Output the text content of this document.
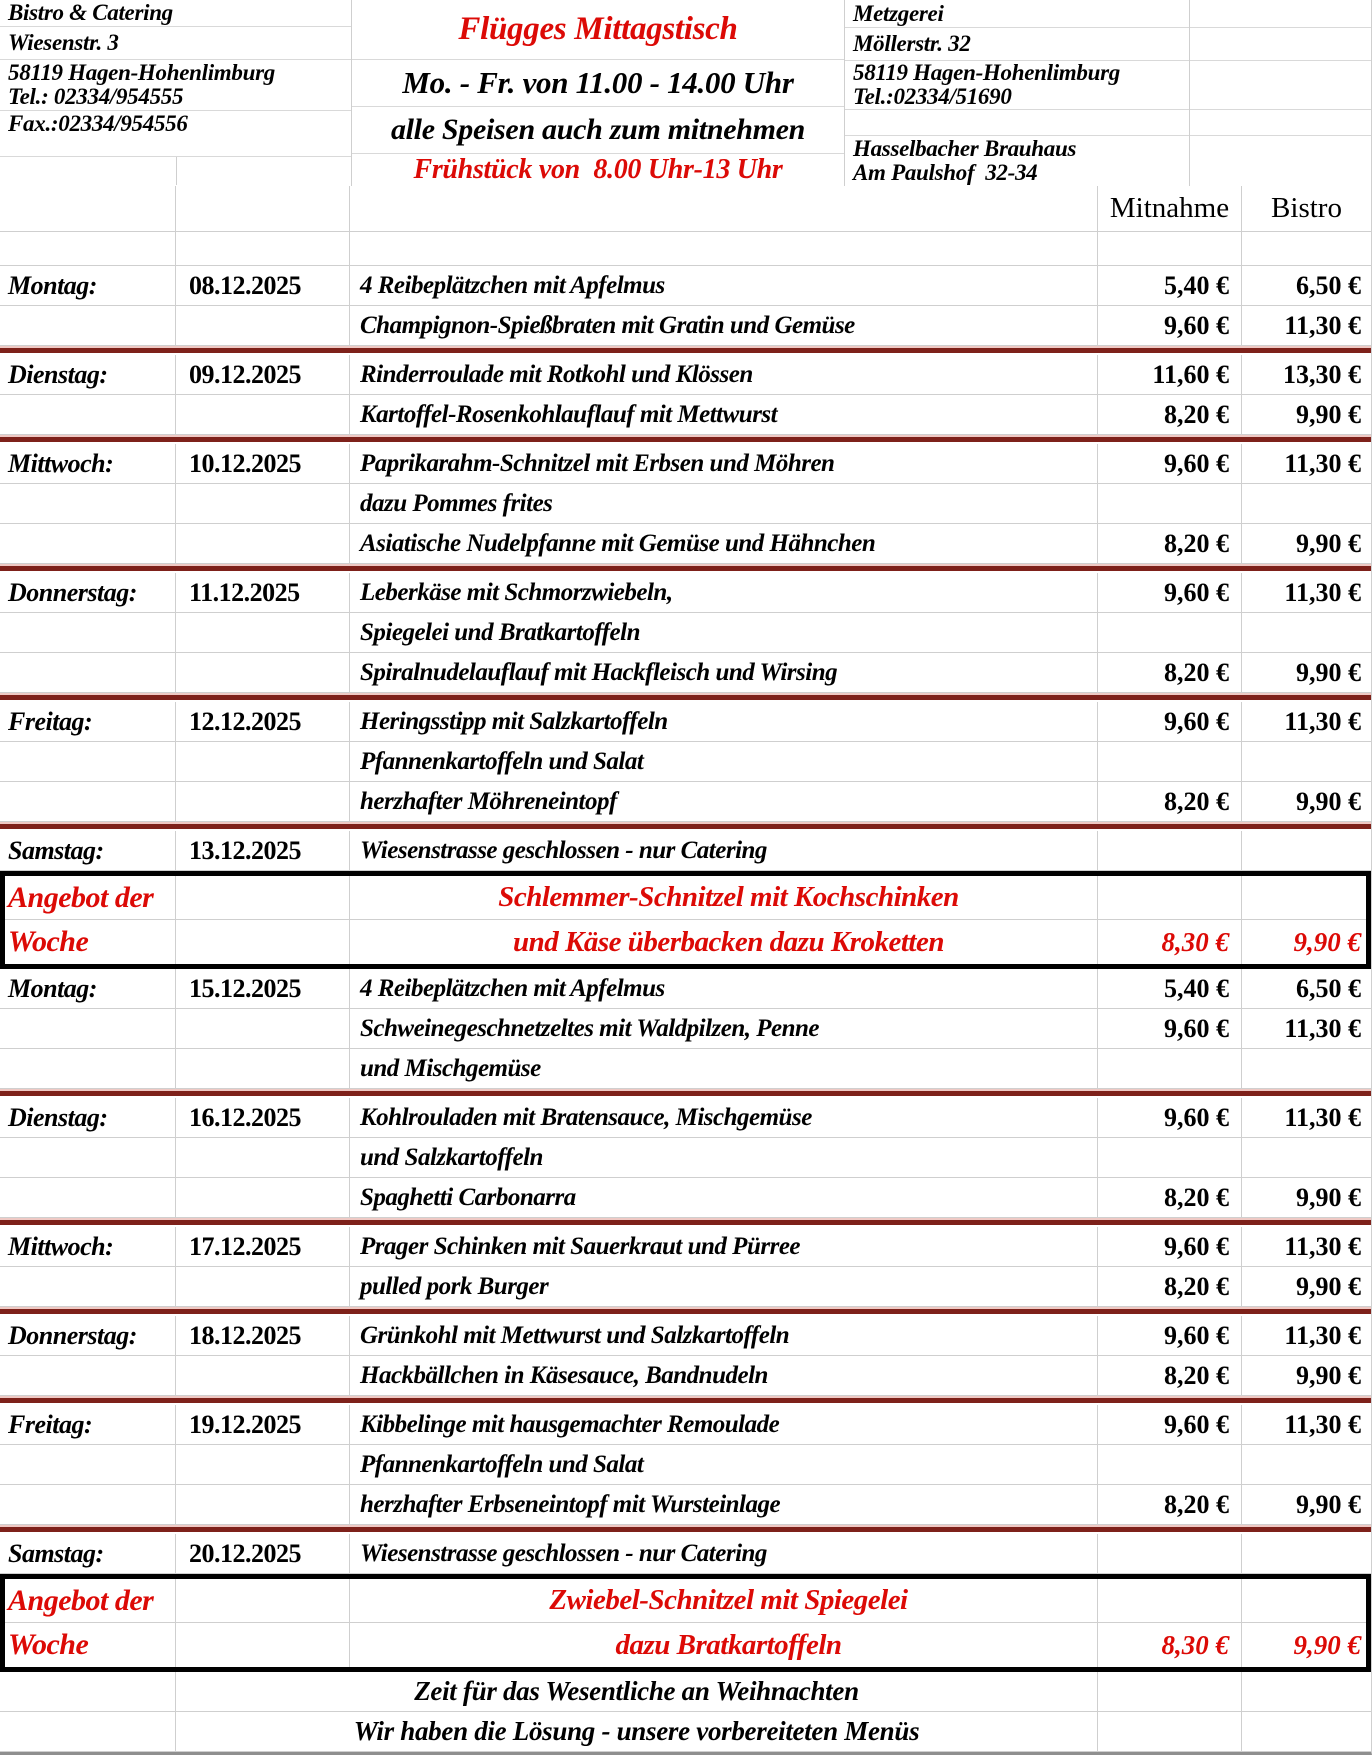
Bistro & Catering
Wiesenstr. 3
58119 Hagen-Hohenlimburg
Tel.: 02334/954555
Fax.:02334/954556
Flügges Mittagstisch
Mo. - Fr. von 11.00 - 14.00 Uhr
alle Speisen auch zum mitnehmen
Frühstück von  8.00 Uhr-13 Uhr
Metzgerei
Möllerstr. 32
58119 Hagen-Hohenlimburg
Tel.:02334/51690
Hasselbacher Brauhaus
Am Paulshof  32-34
Mitnahme	Bistro
Montag:	08.12.2025	4 Reibeplätzchen mit Apfelmus	5,40 €	6,50 €
Champignon-Spießbraten mit Gratin und Gemüse	9,60 €	11,30 €
Dienstag:	09.12.2025	Rinderroulade mit Rotkohl und Klössen	11,60 €	13,30 €
Kartoffel-Rosenkohlauflauf mit Mettwurst	8,20 €	9,90 €
Mittwoch:	10.12.2025	Paprikarahm-Schnitzel mit Erbsen und Möhren	9,60 €	11,30 €
dazu Pommes frites
Asiatische Nudelpfanne mit Gemüse und Hähnchen	8,20 €	9,90 €
Donnerstag:	11.12.2025	Leberkäse mit Schmorzwiebeln,	9,60 €	11,30 €
Spiegelei und Bratkartoffeln
Spiralnudelauflauf mit Hackfleisch und Wirsing	8,20 €	9,90 €
Freitag:	12.12.2025	Heringsstipp mit Salzkartoffeln	9,60 €	11,30 €
Pfannenkartoffeln und Salat
herzhafter Möhreneintopf	8,20 €	9,90 €
Samstag:	13.12.2025	Wiesenstrasse geschlossen - nur Catering
Angebot der	Schlemmer-Schnitzel mit Kochschinken
Woche	und Käse überbacken dazu Kroketten	8,30 €	9,90 €
Montag:	15.12.2025	4 Reibeplätzchen mit Apfelmus	5,40 €	6,50 €
Schweinegeschnetzeltes mit Waldpilzen, Penne	9,60 €	11,30 €
und Mischgemüse
Dienstag:	16.12.2025	Kohlrouladen mit Bratensauce, Mischgemüse	9,60 €	11,30 €
und Salzkartoffeln
Spaghetti Carbonarra	8,20 €	9,90 €
Mittwoch:	17.12.2025	Prager Schinken mit Sauerkraut und Pürree	9,60 €	11,30 €
pulled pork Burger	8,20 €	9,90 €
Donnerstag:	18.12.2025	Grünkohl mit Mettwurst und Salzkartoffeln	9,60 €	11,30 €
Hackbällchen in Käsesauce, Bandnudeln	8,20 €	9,90 €
Freitag:	19.12.2025	Kibbelinge mit hausgemachter Remoulade	9,60 €	11,30 €
Pfannenkartoffeln und Salat
herzhafter Erbseneintopf mit Wursteinlage	8,20 €	9,90 €
Samstag:	20.12.2025	Wiesenstrasse geschlossen - nur Catering
Angebot der	Zwiebel-Schnitzel mit Spiegelei
Woche	dazu Bratkartoffeln	8,30 €	9,90 €
Zeit für das Wesentliche an Weihnachten
Wir haben die Lösung - unsere vorbereiteten Menüs
